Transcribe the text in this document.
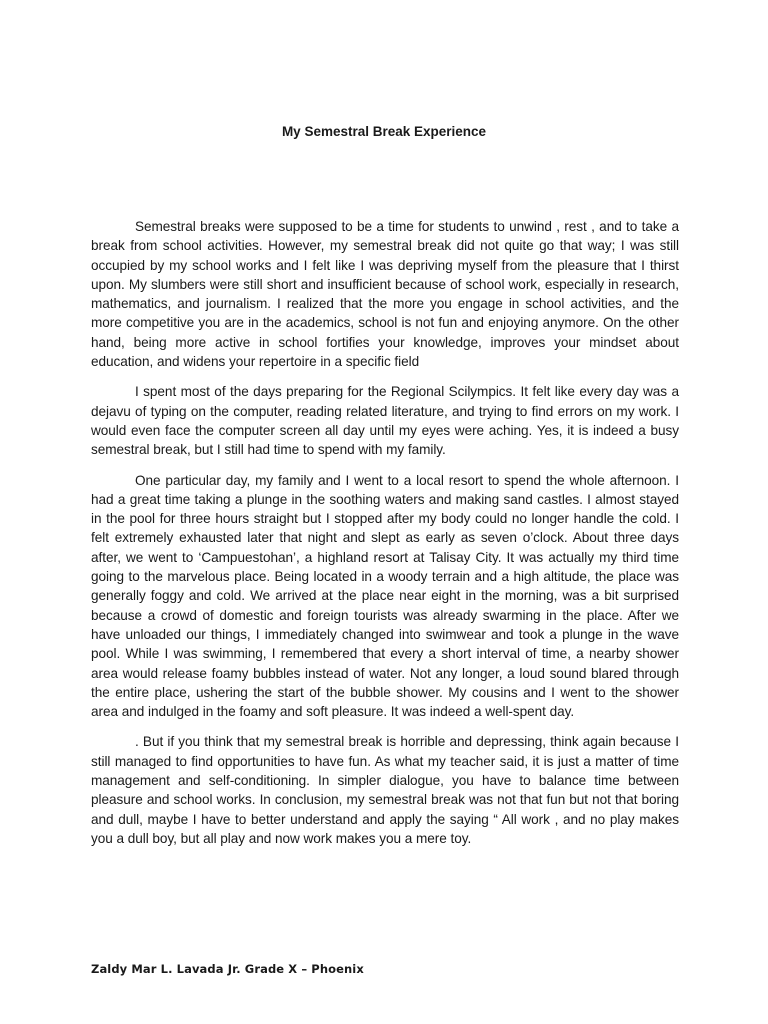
My Semestral Break Experience

Semestral breaks were supposed to be a time for students to unwind , rest , and to take a break from school activities. However, my semestral break did not quite go that way; I was still occupied by my school works and I felt like I was depriving myself from the pleasure that I thirst upon. My slumbers were still short and insufficient because of school work, especially in research, mathematics, and journalism. I realized that the more you engage in school activities, and the more competitive you are in the academics, school is not fun and enjoying anymore. On the other hand, being more active in school fortifies your knowledge, improves your mindset about education, and widens your repertoire in a specific field

I spent most of the days preparing for the Regional Scilympics. It felt like every day was a dejavu of typing on the computer, reading related literature, and trying to find errors on my work. I would even face the computer screen all day until my eyes were aching. Yes, it is indeed a busy semestral break, but I still had time to spend with my family.

One particular day, my family and I went to a local resort to spend the whole afternoon. I had a great time taking a plunge in the soothing waters and making sand castles. I almost stayed in the pool for three hours straight but I stopped after my body could no longer handle the cold. I felt extremely exhausted later that night and slept as early as seven o’clock. About three days after, we went to ‘Campuestohan’, a highland resort at Talisay City. It was actually my third time going to the marvelous place. Being located in a woody terrain and a high altitude, the place was generally foggy and cold. We arrived at the place near eight in the morning, was a bit surprised because a crowd of domestic and foreign tourists was already swarming in the place. After we have unloaded our things, I immediately changed into swimwear and took a plunge in the wave pool. While I was swimming, I remembered that every a short interval of time, a nearby shower area would release foamy bubbles instead of water. Not any longer, a loud sound blared through the entire place, ushering the start of the bubble shower. My cousins and I went to the shower area and indulged in the foamy and soft pleasure. It was indeed a well-spent day.

. But if you think that my semestral break is horrible and depressing, think again because I still managed to find opportunities to have fun. As what my teacher said, it is just a matter of time management and self-conditioning. In simpler dialogue, you have to balance time between pleasure and school works. In conclusion, my semestral break was not that fun but not that boring and dull, maybe I have to better understand and apply the saying “ All work , and no play makes you a dull boy, but all play and now work makes you a mere toy.

Zaldy Mar L. Lavada Jr. Grade X – Phoenix
